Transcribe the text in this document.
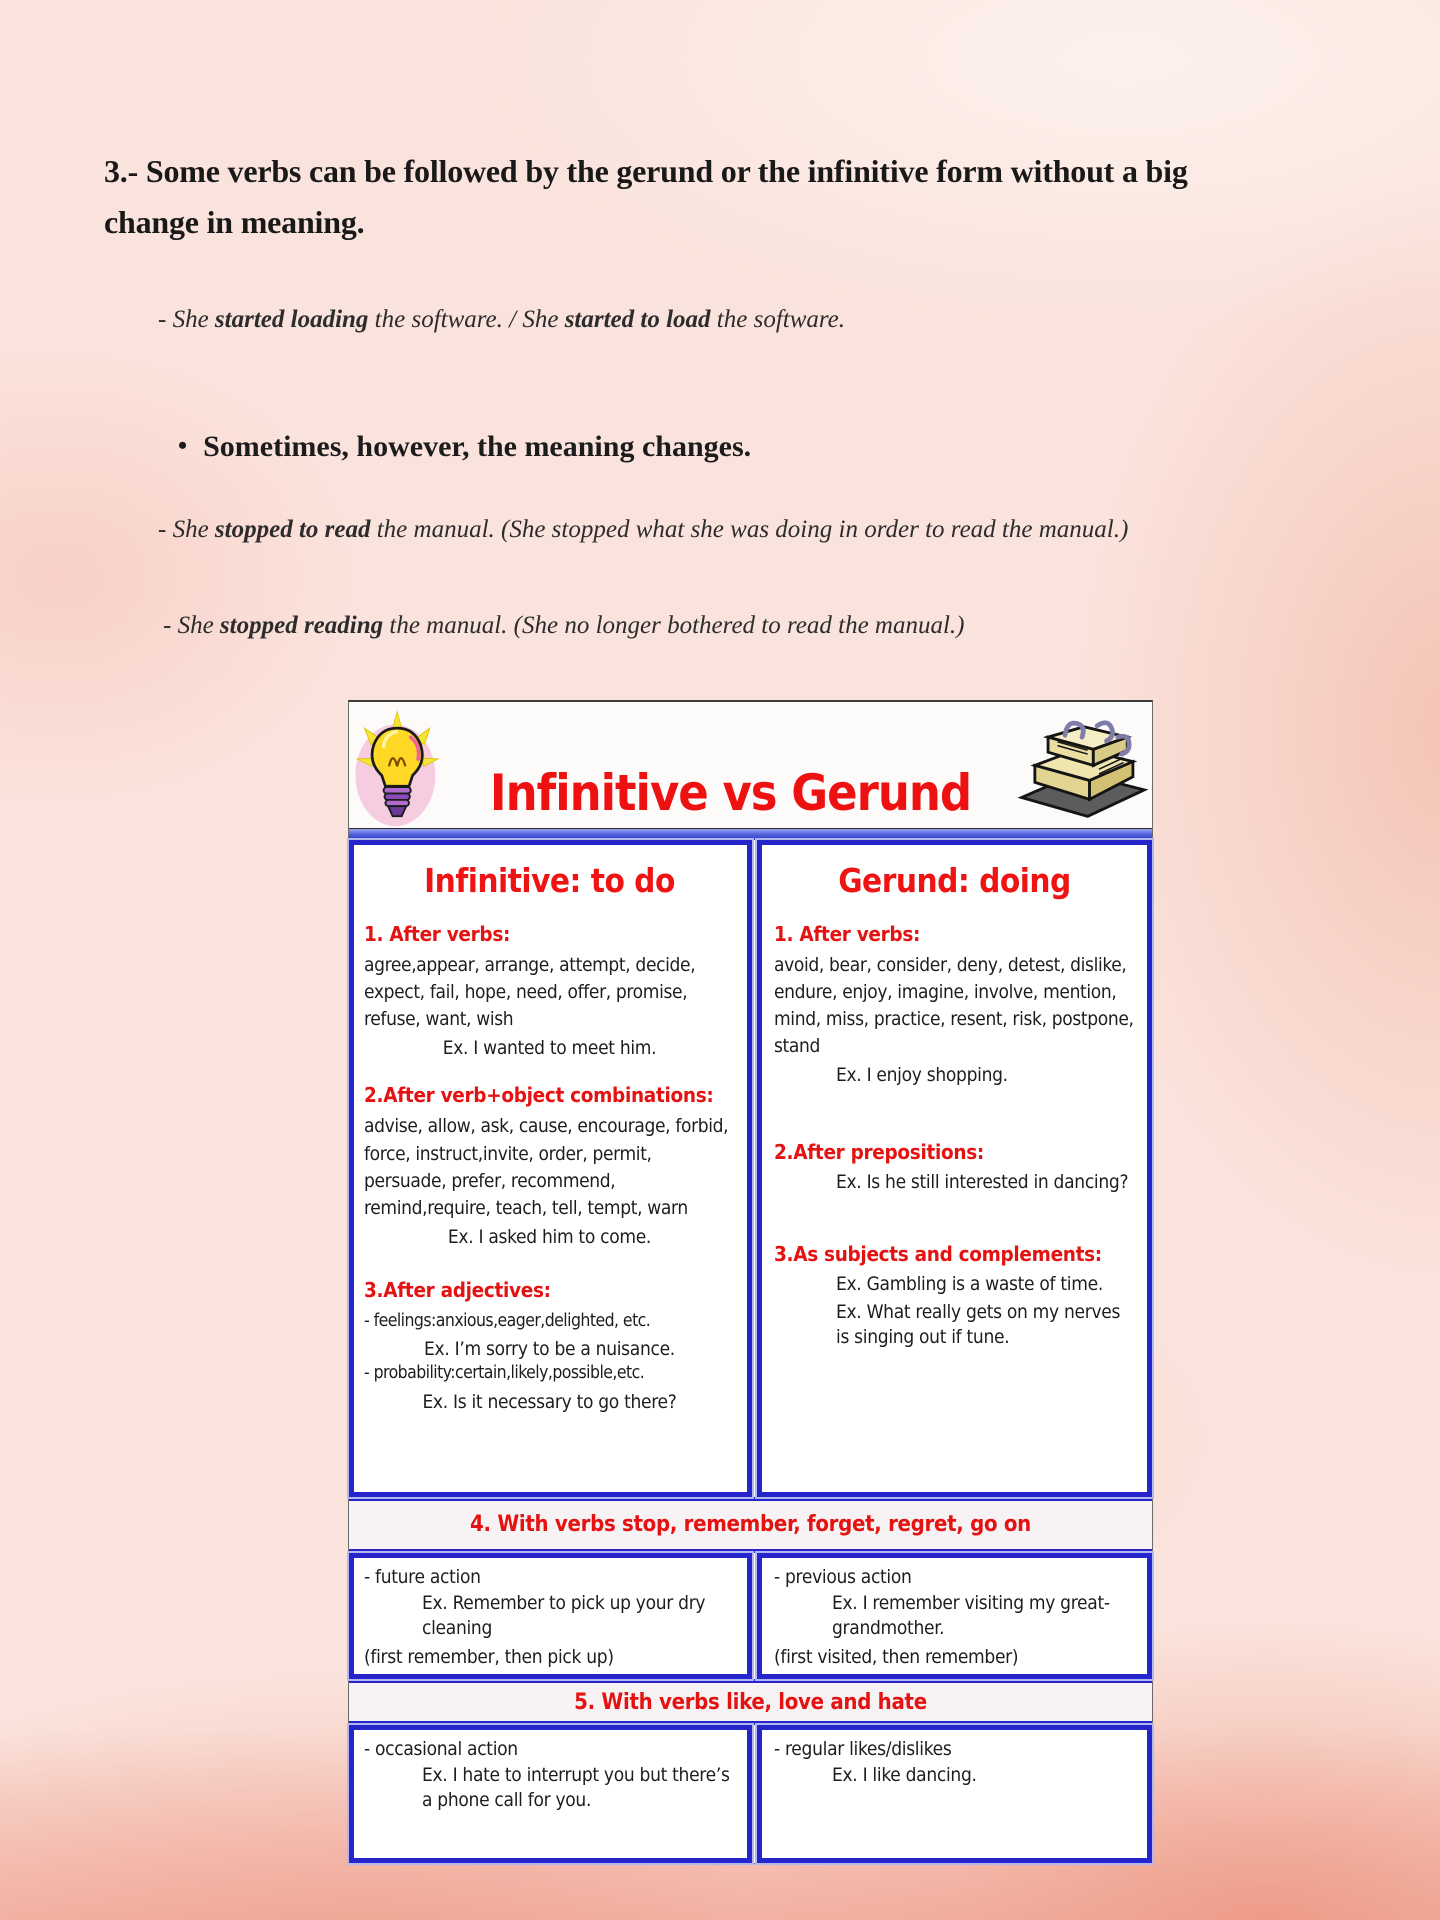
3.- Some verbs can be followed by the gerund or the infinitive form without a big change in meaning.

- She started loading the software. / She started to load the software.

• Sometimes, however, the meaning changes.

- She stopped to read the manual. (She stopped what she was doing in order to read the manual.)

- She stopped reading the manual. (She no longer bothered to read the manual.)

Infinitive vs Gerund
Infinitive: to do
1. After verbs:
agree,appear, arrange, attempt, decide, expect, fail, hope, need, offer, promise, refuse, want, wish
Ex. I wanted to meet him.
2.After verb+object combinations:
advise, allow, ask, cause, encourage, forbid, force, instruct,invite, order, permit, persuade, prefer, recommend, remind,require, teach, tell, tempt, warn
Ex. I asked him to come.
3.After adjectives:
- feelings:anxious,eager,delighted, etc.
Ex. I’m sorry to be a nuisance.
- probability:certain,likely,possible,etc.
Ex. Is it necessary to go there?
Gerund: doing
1. After verbs:
avoid, bear, consider, deny, detest, dislike, endure, enjoy, imagine, involve, mention, mind, miss, practice, resent, risk, postpone, stand
Ex. I enjoy shopping.
2.After prepositions:
Ex. Is he still interested in dancing?
3.As subjects and complements:
Ex. Gambling is a waste of time.
Ex. What really gets on my nerves is singing out if tune.
4. With verbs stop, remember, forget, regret, go on
- future action
Ex. Remember to pick up your dry cleaning
(first remember, then pick up)
- previous action
Ex. I remember visiting my great-grandmother.
(first visited, then remember)
5. With verbs like, love and hate
- occasional action
Ex. I hate to interrupt you but there’s a phone call for you.
- regular likes/dislikes
Ex. I like dancing.
